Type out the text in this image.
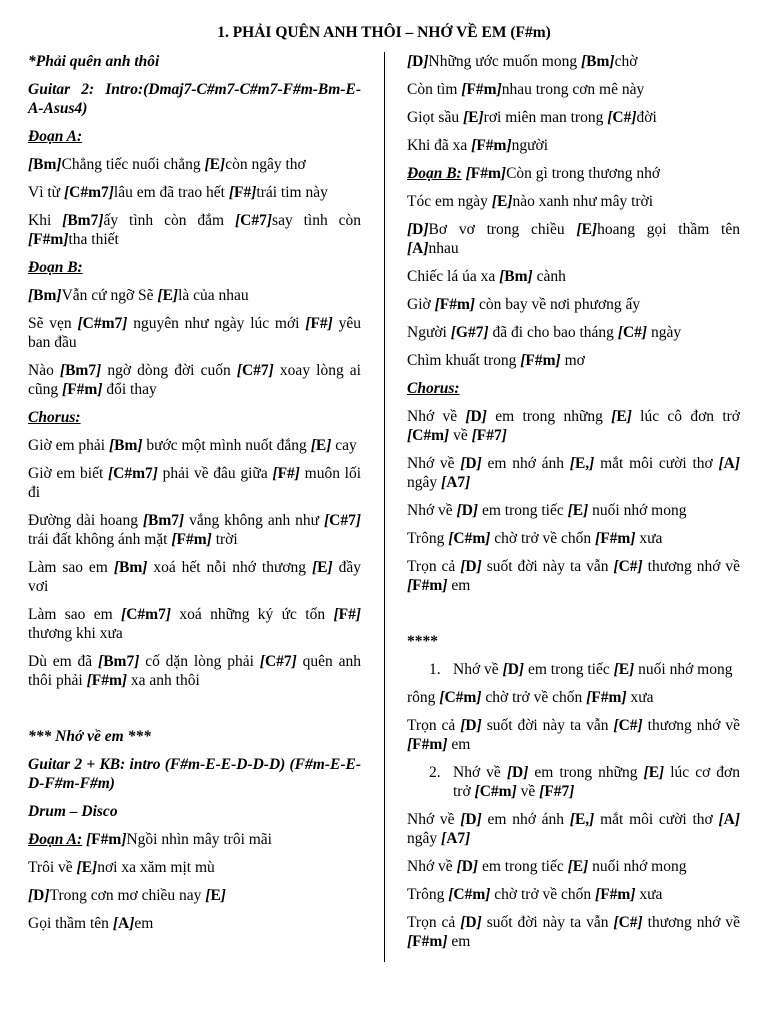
1. PHẢI QUÊN ANH THÔI – NHỚ VỀ EM (F#m)
*Phải quên anh thôi
Guitar 2: Intro:(Dmaj7-C#m7-C#m7-F#m-Bm-E-A-Asus4)
Đoạn A:
[Bm]Chẳng tiếc nuối chẳng [E]còn ngây thơ
Vì từ [C#m7]lâu em đã trao hết [F#]trái tim này
Khi [Bm7]ấy tình còn đắm [C#7]say tình còn [F#m]tha thiết
Đoạn B:
[Bm]Vẫn cứ ngỡ Sẽ [E]là của nhau
Sẽ vẹn [C#m7] nguyên như ngày lúc mới [F#] yêu ban đầu
Nào [Bm7] ngờ dòng đời cuốn [C#7] xoay lòng ai cũng [F#m] đổi thay
Chorus:
Giờ em phải [Bm] bước một mình nuốt đắng [E] cay
Giờ em biết [C#m7] phải về đâu giữa [F#] muôn lối đi
Đường dài hoang [Bm7] vắng không anh như [C#7] trái đất không ánh mặt [F#m] trời
Làm sao em [Bm] xoá hết nỗi nhớ thương [E] đầy vơi
Làm sao em [C#m7] xoá những ký ức tốn [F#] thương khi xưa
Dù em đã [Bm7] cố dặn lòng phải [C#7] quên anh thôi phải [F#m] xa anh thôi
*** Nhớ về em ***
Guitar 2 + KB: intro (F#m-E-E-D-D-D) (F#m-E-E-D-F#m-F#m)
Drum – Disco
Đoạn A: [F#m]Ngồi nhìn mây trôi mãi
Trôi về [E]nơi xa xăm mịt mù
[D]Trong cơn mơ chiều nay [E]
Gọi thầm tên [A]em
[D]Những ước muốn mong [Bm]chờ
Còn tìm [F#m]nhau trong cơn mê này
Giọt sầu [E]rơi miên man trong [C#]đời
Khi đã xa [F#m]người
Đoạn B: [F#m]Còn gì trong thương nhớ
Tóc em ngày [E]nào xanh như mây trời
[D]Bơ vơ trong chiều [E]hoang gọi thầm tên [A]nhau
Chiếc lá úa xa [Bm] cành
Giờ [F#m] còn bay về nơi phương ấy
Người [G#7] đã đi cho bao tháng [C#] ngày
Chìm khuất trong [F#m] mơ
Chorus:
Nhớ về [D] em trong những [E] lúc cô đơn trở [C#m] về [F#7]
Nhớ về [D] em nhớ ánh [E,] mắt môi cười thơ [A] ngây [A7]
Nhớ về [D] em trong tiếc [E] nuối nhớ mong
Trông [C#m] chờ trở về chốn [F#m] xưa
Trọn cả [D] suốt đời này ta vẫn [C#] thương nhớ về [F#m] em
****
1. Nhớ về [D] em trong tiếc [E] nuối nhớ mong
rông [C#m] chờ trở về chốn [F#m] xưa
Trọn cả [D] suốt đời này ta vẫn [C#] thương nhớ về [F#m] em
2. Nhớ về [D] em trong những [E] lúc cơ đơn trở [C#m] về [F#7]
Nhớ về [D] em nhớ ánh [E,] mắt môi cười thơ [A] ngây [A7]
Nhớ về [D] em trong tiếc [E] nuối nhớ mong
Trông [C#m] chờ trở về chốn [F#m] xưa
Trọn cả [D] suốt đời này ta vẫn [C#] thương nhớ về [F#m] em
